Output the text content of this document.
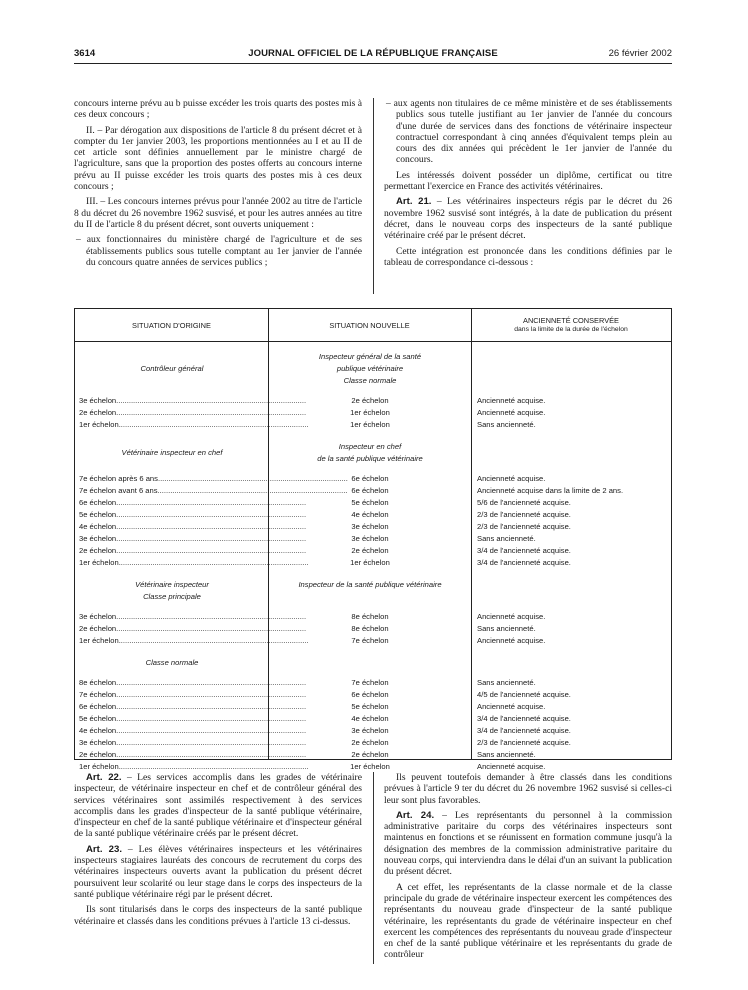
3614	JOURNAL OFFICIEL DE LA RÉPUBLIQUE FRANÇAISE	26 février 2002

concours interne prévu au b puisse excéder les trois quarts des postes mis à ces deux concours ;

II. – Par dérogation aux dispositions de l'article 8 du présent décret et à compter du 1er janvier 2003, les proportions mentionnées au I et au II de cet article sont définies annuellement par le ministre chargé de l'agriculture, sans que la proportion des postes offerts au concours interne prévu au II puisse excéder les trois quarts des postes mis à ces deux concours ;

III. – Les concours internes prévus pour l'année 2002 au titre de l'article 8 du décret du 26 novembre 1962 susvisé, et pour les autres années au titre du II de l'article 8 du présent décret, sont ouverts uniquement :

– aux fonctionnaires du ministère chargé de l'agriculture et de ses établissements publics sous tutelle comptant au 1er janvier de l'année du concours quatre années de services publics ;

– aux agents non titulaires de ce même ministère et de ses établissements publics sous tutelle justifiant au 1er janvier de l'année du concours d'une durée de services dans des fonctions de vétérinaire inspecteur contractuel correspondant à cinq années d'équivalent temps plein au cours des dix années qui précèdent le 1er janvier de l'année du concours.

Les intéressés doivent posséder un diplôme, certificat ou titre permettant l'exercice en France des activités vétérinaires.

Art. 21. – Les vétérinaires inspecteurs régis par le décret du 26 novembre 1962 susvisé sont intégrés, à la date de publication du présent décret, dans le nouveau corps des inspecteurs de la santé publique vétérinaire créé par le présent décret.

Cette intégration est prononcée dans les conditions définies par le tableau de correspondance ci-dessous :

SITUATION D'ORIGINE	SITUATION NOUVELLE	ANCIENNETÉ CONSERVÉE
dans la limite de la durée de l'échelon
Contrôleur général
Inspecteur général de la santé
publique vétérinaire
Classe normale
3e échelon..........................................................................................	2e échelon	Ancienneté acquise.
2e échelon..........................................................................................	1er échelon	Ancienneté acquise.
1er échelon..........................................................................................	1er échelon	Sans ancienneté.
Vétérinaire inspecteur en chef
Inspecteur en chef
de la santé publique vétérinaire
7e échelon après 6 ans.......................................................................................... 6e échelon	Ancienneté acquise.
7e échelon avant 6 ans.......................................................................................... 6e échelon	Ancienneté acquise dans la limite de 2 ans.
6e échelon..........................................................................................	5e échelon	5/6 de l'ancienneté acquise.
5e échelon..........................................................................................	4e échelon	2/3 de l'ancienneté acquise.
4e échelon..........................................................................................	3e échelon	2/3 de l'ancienneté acquise.
3e échelon..........................................................................................	3e échelon	Sans ancienneté.
2e échelon..........................................................................................	2e échelon	3/4 de l'ancienneté acquise.
1er échelon..........................................................................................	1er échelon	3/4 de l'ancienneté acquise.
Vétérinaire inspecteur
Classe principale
Inspecteur de la santé publique vétérinaire
3e échelon..........................................................................................	8e échelon	Ancienneté acquise.
2e échelon..........................................................................................	8e échelon	Sans ancienneté.
1er échelon..........................................................................................	7e échelon	Ancienneté acquise.
Classe normale
8e échelon..........................................................................................	7e échelon	Sans ancienneté.
7e échelon..........................................................................................	6e échelon	4/5 de l'ancienneté acquise.
6e échelon..........................................................................................	5e échelon	Ancienneté acquise.
5e échelon..........................................................................................	4e échelon	3/4 de l'ancienneté acquise.
4e échelon..........................................................................................	3e échelon	3/4 de l'ancienneté acquise.
3e échelon..........................................................................................	2e échelon	2/3 de l'ancienneté acquise.
2e échelon..........................................................................................	2e échelon	Sans ancienneté.
1er échelon..........................................................................................	1er échelon	Ancienneté acquise.

Art. 22. – Les services accomplis dans les grades de vétérinaire inspecteur, de vétérinaire inspecteur en chef et de contrôleur général des services vétérinaires sont assimilés respectivement à des services accomplis dans les grades d'inspecteur de la santé publique vétérinaire, d'inspecteur en chef de la santé publique vétérinaire et d'inspecteur général de la santé publique vétérinaire créés par le présent décret.

Art. 23. – Les élèves vétérinaires inspecteurs et les vétérinaires inspecteurs stagiaires lauréats des concours de recrutement du corps des vétérinaires inspecteurs ouverts avant la publication du présent décret poursuivent leur scolarité ou leur stage dans le corps des inspecteurs de la santé publique vétérinaire régi par le présent décret.

Ils sont titularisés dans le corps des inspecteurs de la santé publique vétérinaire et classés dans les conditions prévues à l'article 13 ci-dessus.

Ils peuvent toutefois demander à être classés dans les conditions prévues à l'article 9 ter du décret du 26 novembre 1962 susvisé si celles-ci leur sont plus favorables.

Art. 24. – Les représentants du personnel à la commission administrative paritaire du corps des vétérinaires inspecteurs sont maintenus en fonctions et se réunissent en formation commune jusqu'à la désignation des membres de la commission administrative paritaire du nouveau corps, qui interviendra dans le délai d'un an suivant la publication du présent décret.

A cet effet, les représentants de la classe normale et de la classe principale du grade de vétérinaire inspecteur exercent les compétences des représentants du nouveau grade d'inspecteur de la santé publique vétérinaire, les représentants du grade de vétérinaire inspecteur en chef exercent les compétences des représentants du nouveau grade d'inspecteur en chef de la santé publique vétérinaire et les représentants du grade de contrôleur
